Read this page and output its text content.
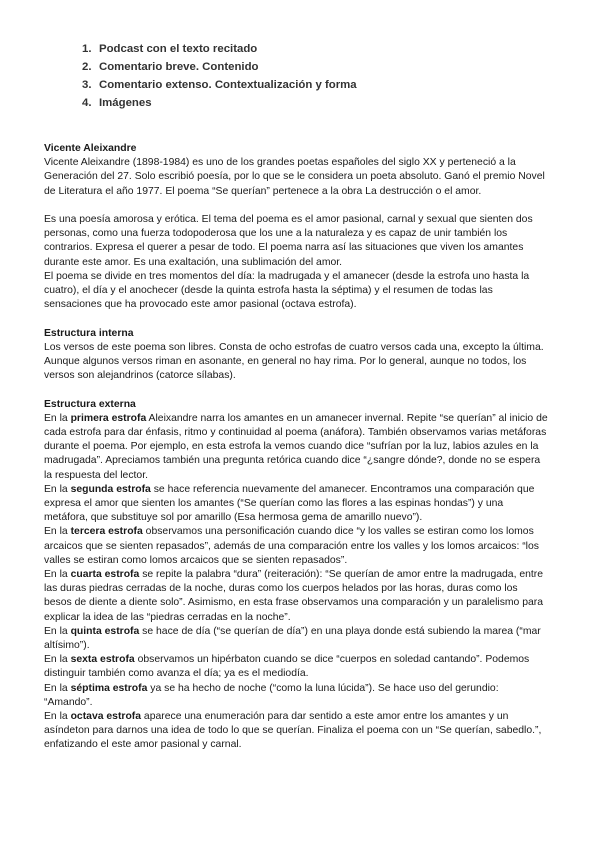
1. Podcast con el texto recitado
2. Comentario breve. Contenido
3. Comentario extenso. Contextualización y forma
4. Imágenes
Vicente Aleixandre

Vicente Aleixandre (1898-1984) es uno de los grandes poetas españoles del siglo XX y perteneció a la Generación del 27. Solo escribió poesía, por lo que se le considera un poeta absoluto. Ganó el premio Novel de Literatura el año 1977. El poema “Se querían” pertenece a la obra La destrucción o el amor.

Es una poesía amorosa y erótica. El tema del poema es el amor pasional, carnal y sexual que sienten dos personas, como una fuerza todopoderosa que los une a la naturaleza y es capaz de unir también los contrarios. Expresa el querer a pesar de todo. El poema narra así las situaciones que viven los amantes durante este amor. Es una exaltación, una sublimación del amor.

El poema se divide en tres momentos del día: la madrugada y el amanecer (desde la estrofa uno hasta la cuatro), el día y el anochecer (desde la quinta estrofa hasta la séptima) y el resumen de todas las sensaciones que ha provocado este amor pasional (octava estrofa).

Estructura interna

Los versos de este poema son libres. Consta de ocho estrofas de cuatro versos cada una, excepto la última. Aunque algunos versos riman en asonante, en general no hay rima. Por lo general, aunque no todos, los versos son alejandrinos (catorce sílabas).

Estructura externa

En la primera estrofa Aleixandre narra los amantes en un amanecer invernal. Repite “se querían” al inicio de cada estrofa para dar énfasis, ritmo y continuidad al poema (anáfora). También observamos varias metáforas durante el poema. Por ejemplo, en esta estrofa la vemos cuando dice “sufrían por la luz, labios azules en la madrugada”. Apreciamos también una pregunta retórica cuando dice “¿sangre dónde?, donde no se espera la respuesta del lector.

En la segunda estrofa se hace referencia nuevamente del amanecer. Encontramos una comparación que expresa el amor que sienten los amantes (“Se querían como las flores a las espinas hondas”) y una metáfora, que substituye sol por amarillo (Esa hermosa gema de amarillo nuevo”).

En la tercera estrofa observamos una personificación cuando dice “y los valles se estiran como los lomos arcaicos que se sienten repasados”, además de una comparación entre los valles y los lomos arcaicos: “los valles se estiran como lomos arcaicos que se sienten repasados”.

En la cuarta estrofa se repite la palabra “dura” (reiteración): “Se querían de amor entre la madrugada, entre las duras piedras cerradas de la noche, duras como los cuerpos helados por las horas, duras como los besos de diente a diente solo”. Asimismo, en esta frase observamos una comparación y un paralelismo para explicar la idea de las “piedras cerradas en la noche”.

En la quinta estrofa se hace de día (“se querían de día”) en una playa donde está subiendo la marea (“mar altísimo”).

En la sexta estrofa observamos un hipérbaton cuando se dice “cuerpos en soledad cantando”. Podemos distinguir también como avanza el día; ya es el mediodía.

En la séptima estrofa ya se ha hecho de noche (“como la luna lúcida”). Se hace uso del gerundio: “Amando”.

En la octava estrofa aparece una enumeración para dar sentido a este amor entre los amantes y un asíndeton para darnos una idea de todo lo que se querían. Finaliza el poema con un “Se querían, sabedlo.”, enfatizando el este amor pasional y carnal.
